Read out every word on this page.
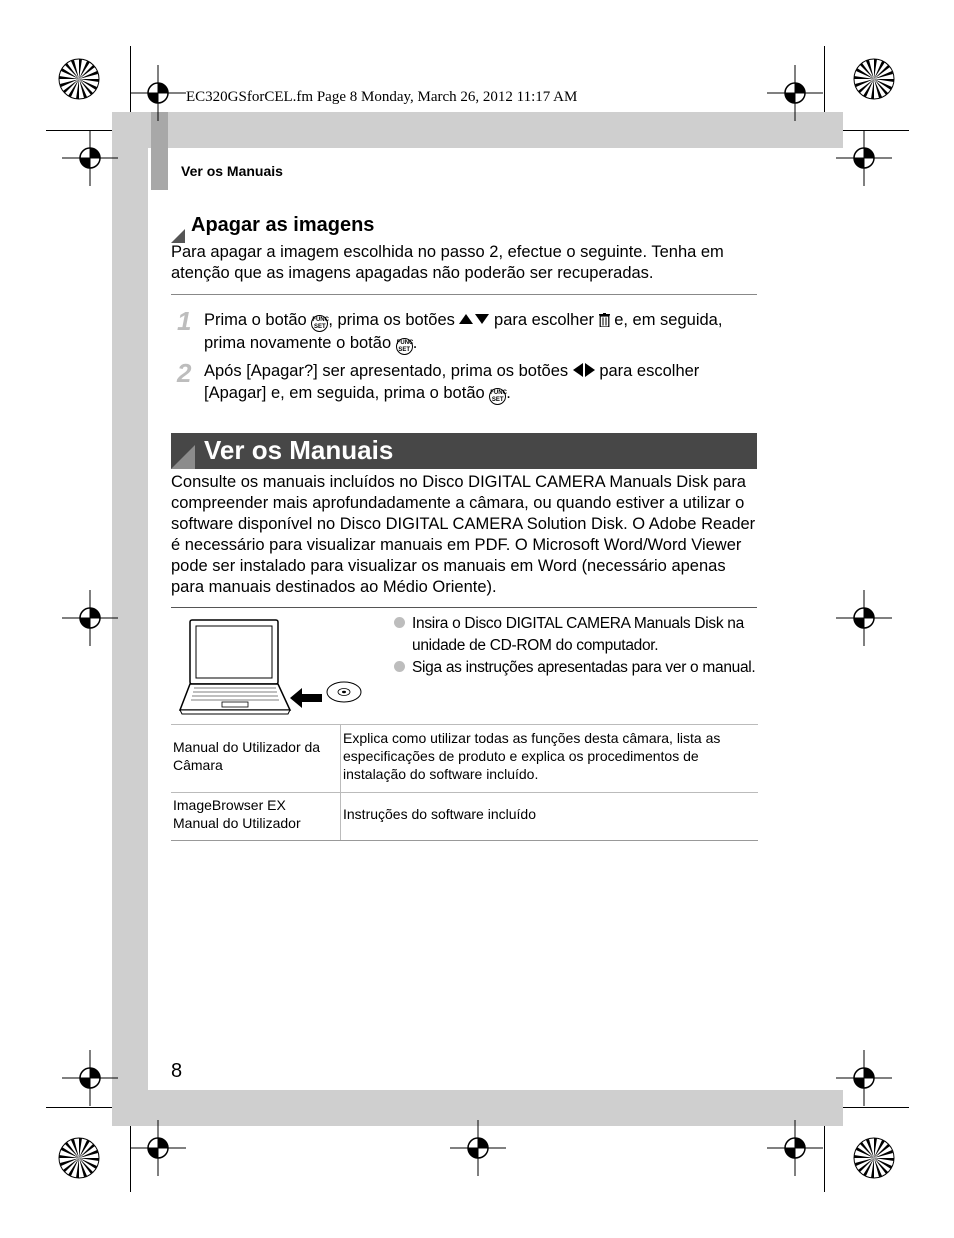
EC320GSforCEL.fm Page 8 Monday, March 26, 2012 11:17 AM
Ver os Manuais
Apagar as imagens
Para apagar a imagem escolhida no passo 2, efectue o seguinte. Tenha em atenção que as imagens apagadas não poderão ser recuperadas.
1 Prima o botão FUNC
SET , prima os botões  para escolher  e, em seguida, prima novamente o botão FUNC
SET .
2 Após [Apagar?] ser apresentado, prima os botões  para escolher [Apagar] e, em seguida, prima o botão FUNC
SET .
Ver os Manuais
Consulte os manuais incluídos no Disco DIGITAL CAMERA Manuals Disk para compreender mais aprofundadamente a câmara, ou quando estiver a utilizar o software disponível no Disco DIGITAL CAMERA Solution Disk. O Adobe Reader é necessário para visualizar manuais em PDF. O Microsoft Word/Word Viewer pode ser instalado para visualizar os manuais em Word (necessário apenas para manuais destinados ao Médio Oriente).
Insira o Disco DIGITAL CAMERA Manuals Disk na unidade de CD-ROM do computador.
Siga as instruções apresentadas para ver o manual.
Manual do Utilizador da Câmara
Explica como utilizar todas as funções desta câmara, lista as especificações de produto e explica os procedimentos de instalação do software incluído.
ImageBrowser EX Manual do Utilizador
Instruções do software incluído
8
